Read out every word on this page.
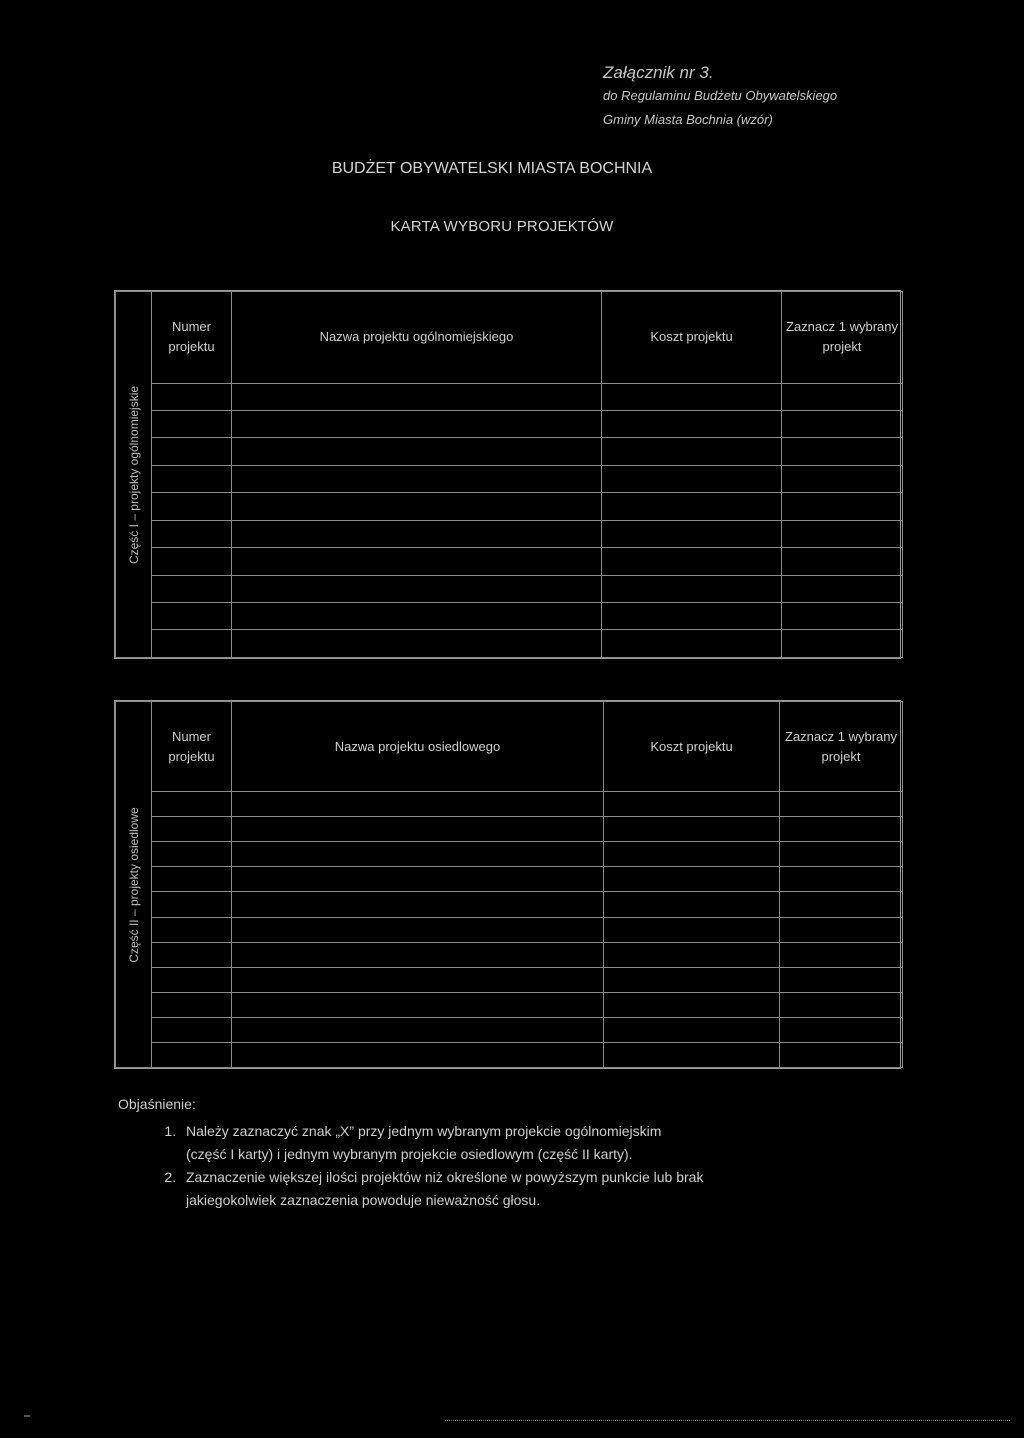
Załącznik nr 3.
do Regulaminu Budżetu Obywatelskiego
Gminy Miasta Bochnia (wzór)
BUDŻET OBYWATELSKI MIASTA BOCHNIA
KARTA WYBORU PROJEKTÓW
Część I – projekty ogólnomiejskie	Numer projektu	Nazwa projektu ogólnomiejskiego	Koszt projektu	Zaznacz 1 wybrany projekt

Część II – projekty osiedlowe	Numer projektu	Nazwa projektu osiedlowego	Koszt projektu	Zaznacz 1 wybrany projekt

Objaśnienie:
1. Należy zaznaczyć znak „X” przy jednym wybranym projekcie ogólnomiejskim
(część I karty) i jednym wybranym projekcie osiedlowym (część II karty).
2. Zaznaczenie większej ilości projektów niż określone w powyższym punkcie lub brak
jakiegokolwiek zaznaczenia powoduje nieważność głosu.
